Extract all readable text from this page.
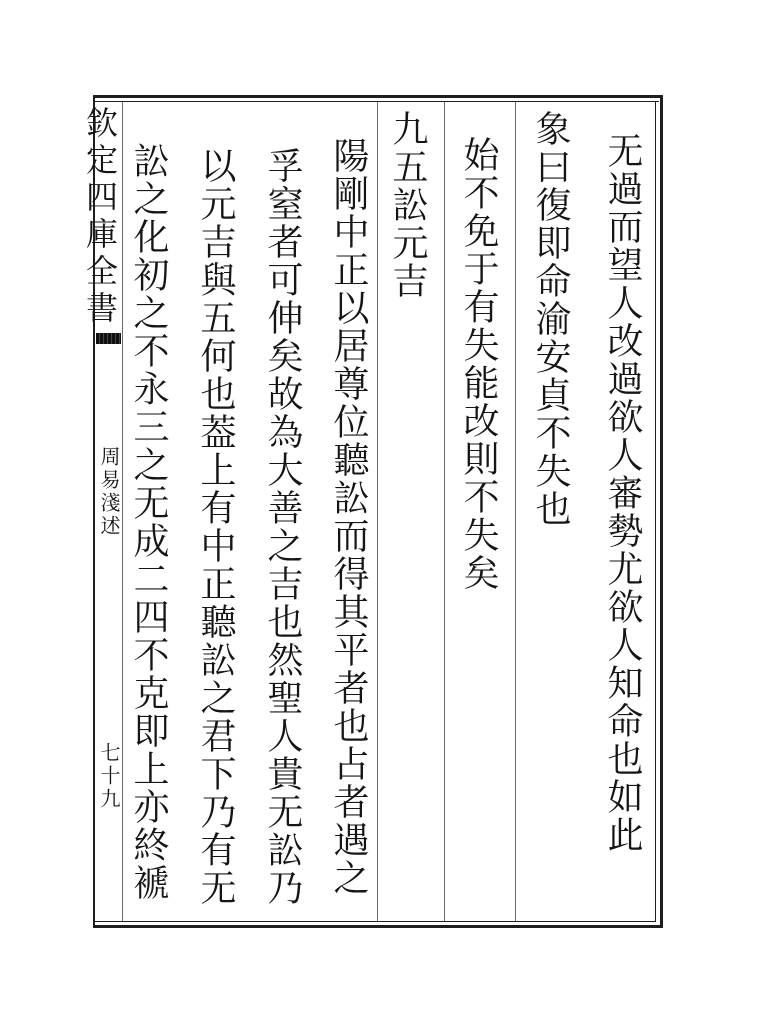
无過而望人改過欲人審勢尤欲人知命也如此
象曰復即命渝安貞不失也
始不免于有失能改則不失矣
九五訟元吉
陽剛中正以居尊位聽訟而得其平者也占者遇之
孚窒者可伸矣故為大善之吉也然聖人貴无訟乃
以元吉與五何也葢上有中正聽訟之君下乃有无
訟之化初之不永三之无成二四不克即上亦終褫
欽定四庫全書
周易淺述
七十九
